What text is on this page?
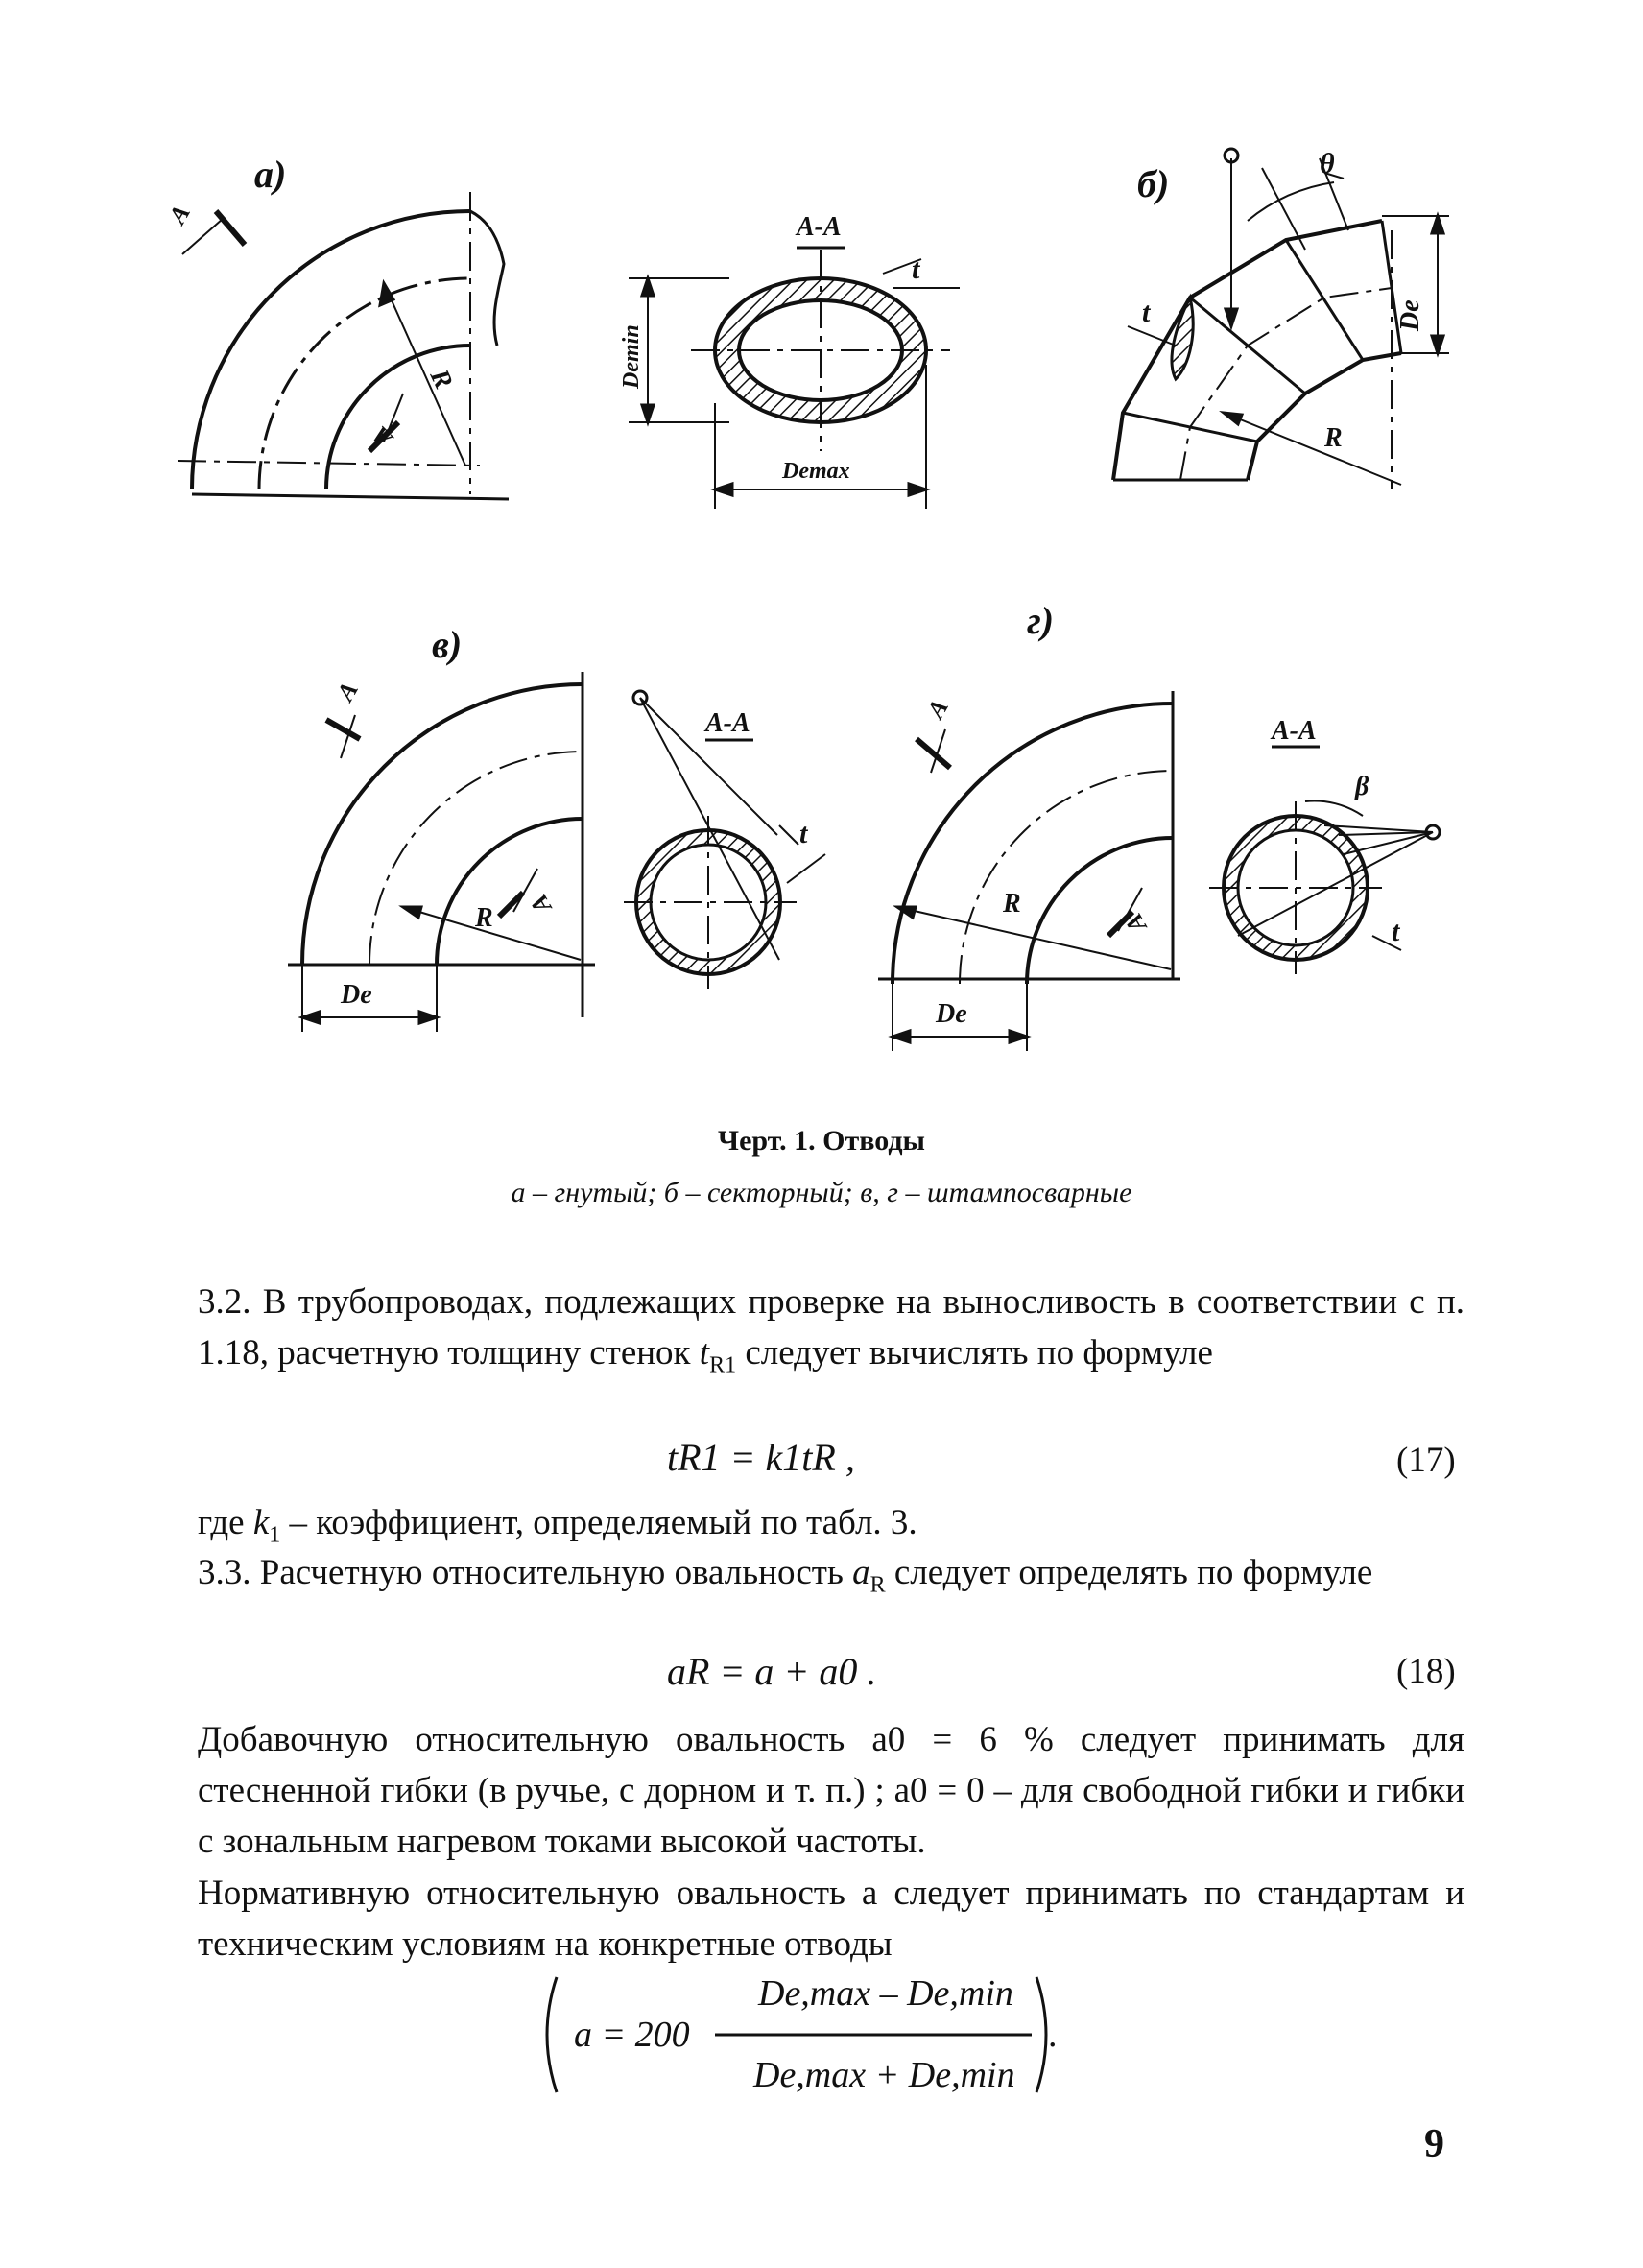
а)	б)
в)
г)
А-А
А-А	А-А
А
А
А
А
А
А
R
R
R	R
t
t
t
t
θ
β
De
De
De
Demin
Demax
Черт. 1. Отводы
а – гнутый; б – секторный; в, г – штампосварные
3.2. В трубопроводах, подлежащих проверке на выносливость в соответствии с п. 1.18, расчетную толщину стенок $t_{R1}$ следует вычислять по формуле
tR1 = k1tR ,	(17)
где $k_1$ – коэффициент, определяемый по табл. 3.
3.3. Расчетную относительную овальность $a_R$ следует определять по формуле
aR = a + a0 .	(18)
Добавочную относительную овальность a0 = 6 % следует принимать для стесненной гибки (в ручье, с дорном и т. п.) ; a0 = 0 – для свободной гибки и гибки с зональным нагревом токами высокой частоты.
Нормативную относительную овальность a следует принимать по стандартам и техническим условиям на конкретные отводы
a = 200
De,max – De,min
De,max + De,min
.
9
